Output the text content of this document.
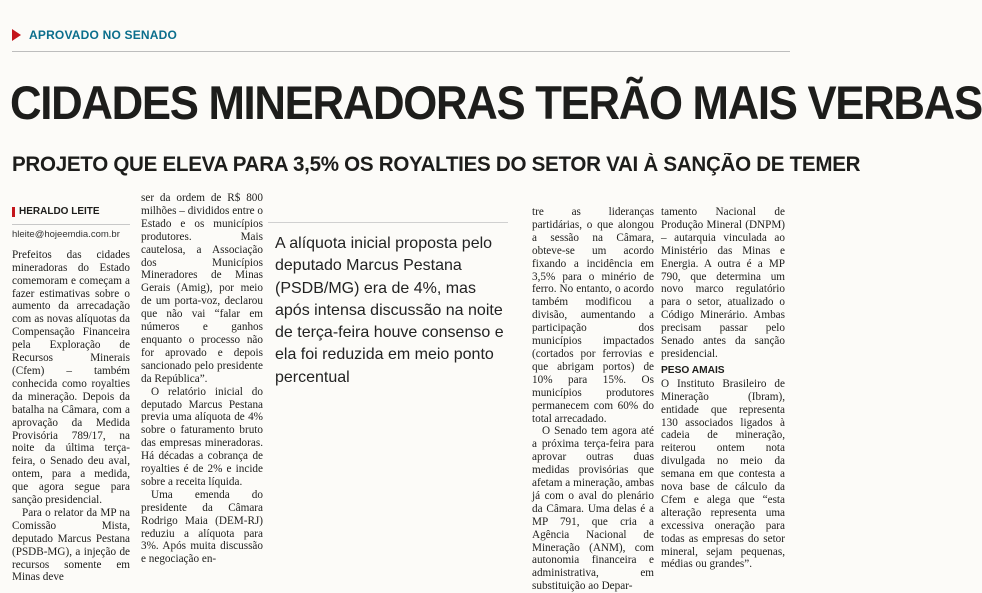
APROVADO NO SENADO
CIDADES MINERADORAS TERÃO MAIS VERBAS
PROJETO QUE ELEVA PARA 3,5% OS ROYALTIES DO SETOR VAI À SANÇÃO DE TEMER
HERALDO LEITE
hleite@hojeemdia.com.br

Prefeitos das cidades mineradoras do Estado comemoram e começam a fazer estimativas sobre o aumento da arrecadação com as novas alíquotas da Compensação Financeira pela Exploração de Recursos Minerais (Cfem) – também conhecida como royalties da mineração. Depois da batalha na Câmara, com a aprovação da Medida Provisória 789/17, na noite da última terça-feira, o Senado deu aval, ontem, para a medida, que agora segue para sanção presidencial.

Para o relator da MP na Comissão Mista, deputado Marcus Pestana (PSDB-MG), a injeção de recursos somente em Minas deve

ser da ordem de R$ 800 milhões – divididos entre o Estado e os municípios produtores. Mais cautelosa, a Associação dos Municípios Mineradores de Minas Gerais (Amig), por meio de um porta-voz, declarou que não vai “falar em números e ganhos enquanto o processo não for aprovado e depois sancionado pelo presidente da República”.

O relatório inicial do deputado Marcus Pestana previa uma alíquota de 4% sobre o faturamento bruto das empresas mineradoras. Há décadas a cobrança de royalties é de 2% e incide sobre a receita líquida.

Uma emenda do presidente da Câmara Rodrigo Maia (DEM-RJ) reduziu a alíquota para 3%. Após muita discussão e negociação en-

A alíquota inicial proposta pelo deputado Marcus Pestana (PSDB/MG) era de 4%, mas após intensa discussão na noite de terça-feira houve consenso e ela foi reduzida em meio ponto percentual

tre as lideranças partidárias, o que alongou a sessão na Câmara, obteve-se um acordo fixando a incidência em 3,5% para o minério de ferro. No entanto, o acordo também modificou a divisão, aumentando a participação dos municípios impactados (cortados por ferrovias e que abrigam portos) de 10% para 15%. Os municípios produtores permanecem com 60% do total arrecadado.

O Senado tem agora até a próxima terça-feira para aprovar outras duas medidas provisórias que afetam a mineração, ambas já com o aval do plenário da Câmara. Uma delas é a MP 791, que cria a Agência Nacional de Mineração (ANM), com autonomia financeira e administrativa, em substituição ao Depar-

tamento Nacional de Produção Mineral (DNPM) – autarquia vinculada ao Ministério das Minas e Energia. A outra é a MP 790, que determina um novo marco regulatório para o setor, atualizado o Código Minerário. Ambas precisam passar pelo Senado antes da sanção presidencial.

PESO AMAIS

O Instituto Brasileiro de Mineração (Ibram), entidade que representa 130 associados ligados à cadeia de mineração, reiterou ontem nota divulgada no meio da semana em que contesta a nova base de cálculo da Cfem e alega que “esta alteração representa uma excessiva oneração para todas as empresas do setor mineral, sejam pequenas, médias ou grandes”.
